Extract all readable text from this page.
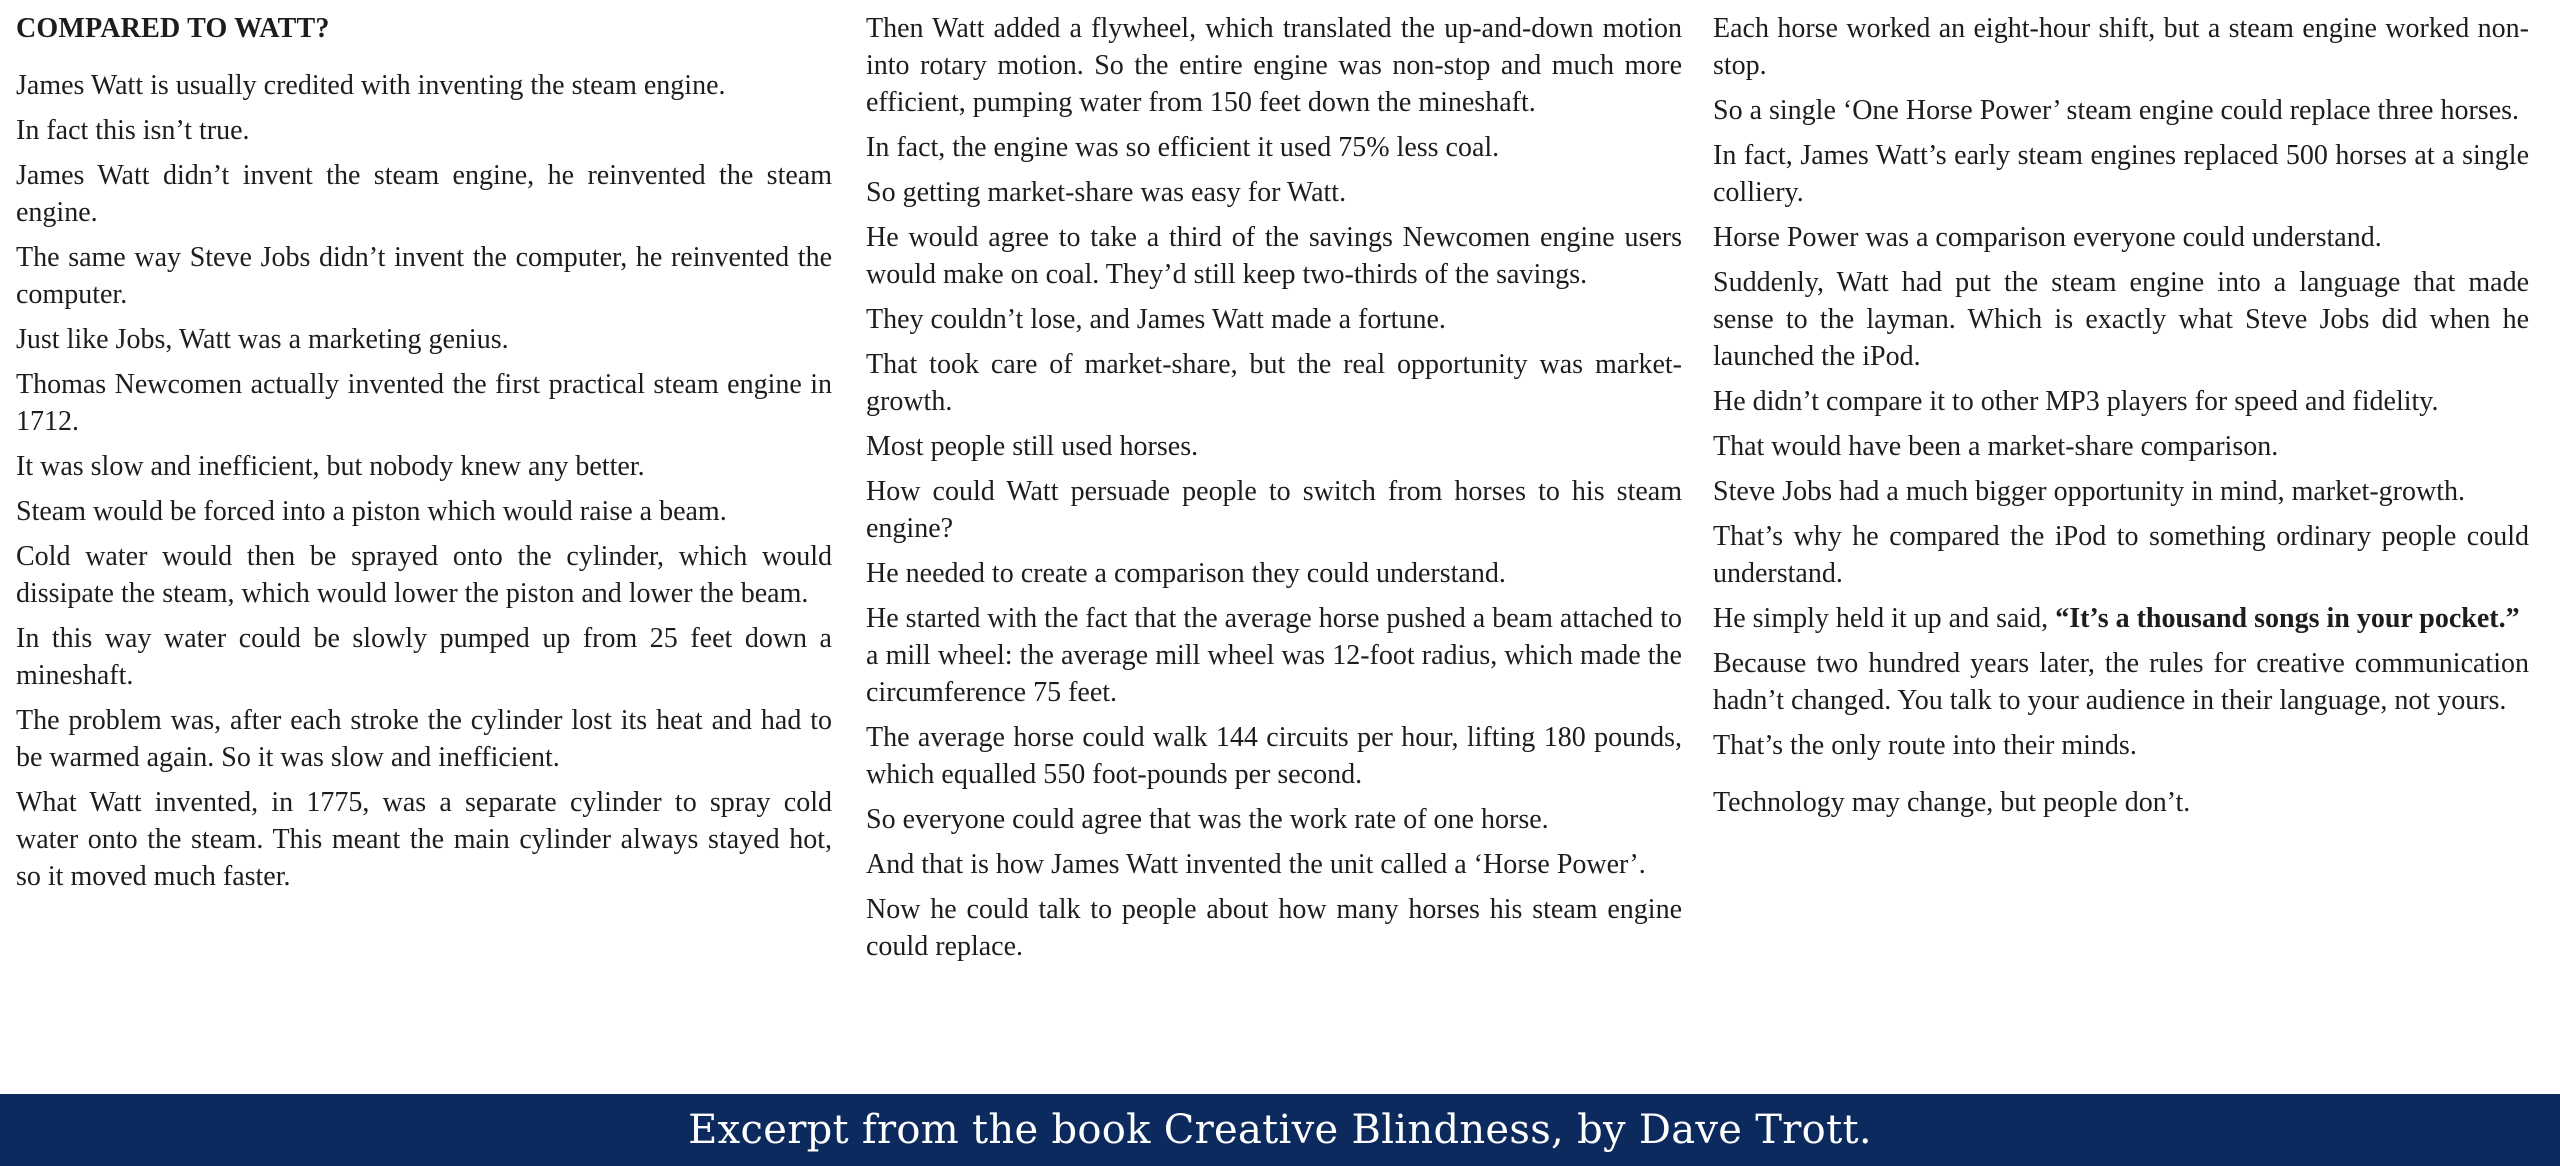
COMPARED TO WATT?

James Watt is usually credited with inventing the steam engine.

In fact this isn’t true.

James Watt didn’t invent the steam engine, he reinvented the steam engine.

The same way Steve Jobs didn’t invent the computer, he reinvented the computer.

Just like Jobs, Watt was a marketing genius.

Thomas Newcomen actually invented the first practical steam engine in 1712.

It was slow and inefficient, but nobody knew any better.

Steam would be forced into a piston which would raise a beam.

Cold water would then be sprayed onto the cylinder, which would dissipate the steam, which would lower the piston and lower the beam.

In this way water could be slowly pumped up from 25 feet down a mineshaft.

The problem was, after each stroke the cylinder lost its heat and had to be warmed again. So it was slow and inefficient.

What Watt invented, in 1775, was a separate cylinder to spray cold water onto the steam. This meant the main cylinder always stayed hot, so it moved much faster.

Then Watt added a flywheel, which translated the up-and-down motion into rotary motion. So the entire engine was non-stop and much more efficient, pumping water from 150 feet down the mineshaft.

In fact, the engine was so efficient it used 75% less coal.

So getting market-share was easy for Watt.

He would agree to take a third of the savings Newcomen engine users would make on coal. They’d still keep two-thirds of the savings.

They couldn’t lose, and James Watt made a fortune.

That took care of market-share, but the real opportunity was market-growth.

Most people still used horses.

How could Watt persuade people to switch from horses to his steam engine?

He needed to create a comparison they could understand.

He started with the fact that the average horse pushed a beam attached to a mill wheel: the average mill wheel was 12-foot radius, which made the circumference 75 feet.

The average horse could walk 144 circuits per hour, lifting 180 pounds, which equalled 550 foot-pounds per second.

So everyone could agree that was the work rate of one horse.

And that is how James Watt invented the unit called a ‘Horse Power’.

Now he could talk to people about how many horses his steam engine could replace.

Each horse worked an eight-hour shift, but a steam engine worked non-stop.

So a single ‘One Horse Power’ steam engine could replace three horses.

In fact, James Watt’s early steam engines replaced 500 horses at a single colliery.

Horse Power was a comparison everyone could understand.

Suddenly, Watt had put the steam engine into a language that made sense to the layman. Which is exactly what Steve Jobs did when he launched the iPod.

He didn’t compare it to other MP3 players for speed and fidelity.

That would have been a market-share comparison.

Steve Jobs had a much bigger opportunity in mind, market-growth.

That’s why he compared the iPod to something ordinary people could understand.

He simply held it up and said, “It’s a thousand songs in your pocket.”

Because two hundred years later, the rules for creative communication hadn’t changed. You talk to your audience in their language, not yours.

That’s the only route into their minds.

Technology may change, but people don’t.

Excerpt from the book Creative Blindness, by Dave Trott.
